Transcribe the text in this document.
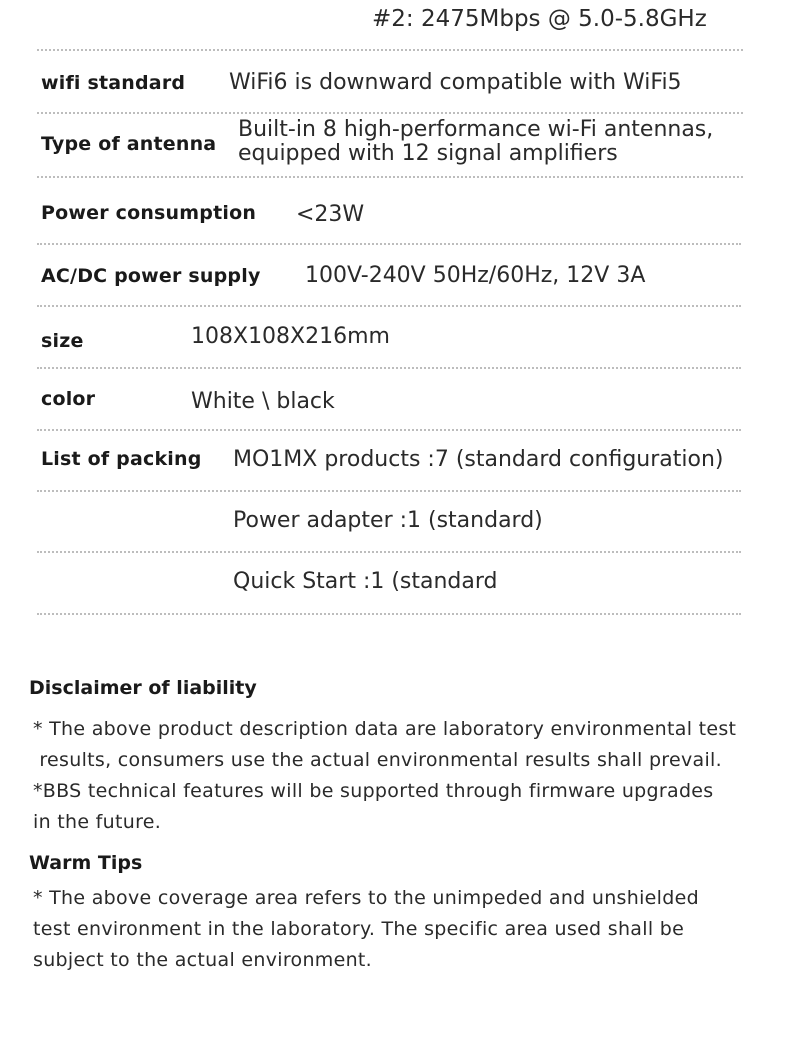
#2: 2475Mbps @ 5.0-5.8GHz
wifi standard WiFi6 is downward compatible with WiFi5
Type of antenna
Built-in 8 high-performance wi-Fi antennas,
equipped with 12 signal amplifiers
Power consumption <23W
AC/DC power supply 100V-240V 50Hz/60Hz, 12V 3A
size	108X108X216mm
color	White \ black
List of packing MO1MX products :7 (standard configuration)
Power adapter :1 (standard)
Quick Start :1 (standard
Disclaimer of liability
* The above product description data are laboratory environmental test
results, consumers use the actual environmental results shall prevail.
*BBS technical features will be supported through firmware upgrades
in the future.
Warm Tips
* The above coverage area refers to the unimpeded and unshielded
test environment in the laboratory. The specific area used shall be
subject to the actual environment.
